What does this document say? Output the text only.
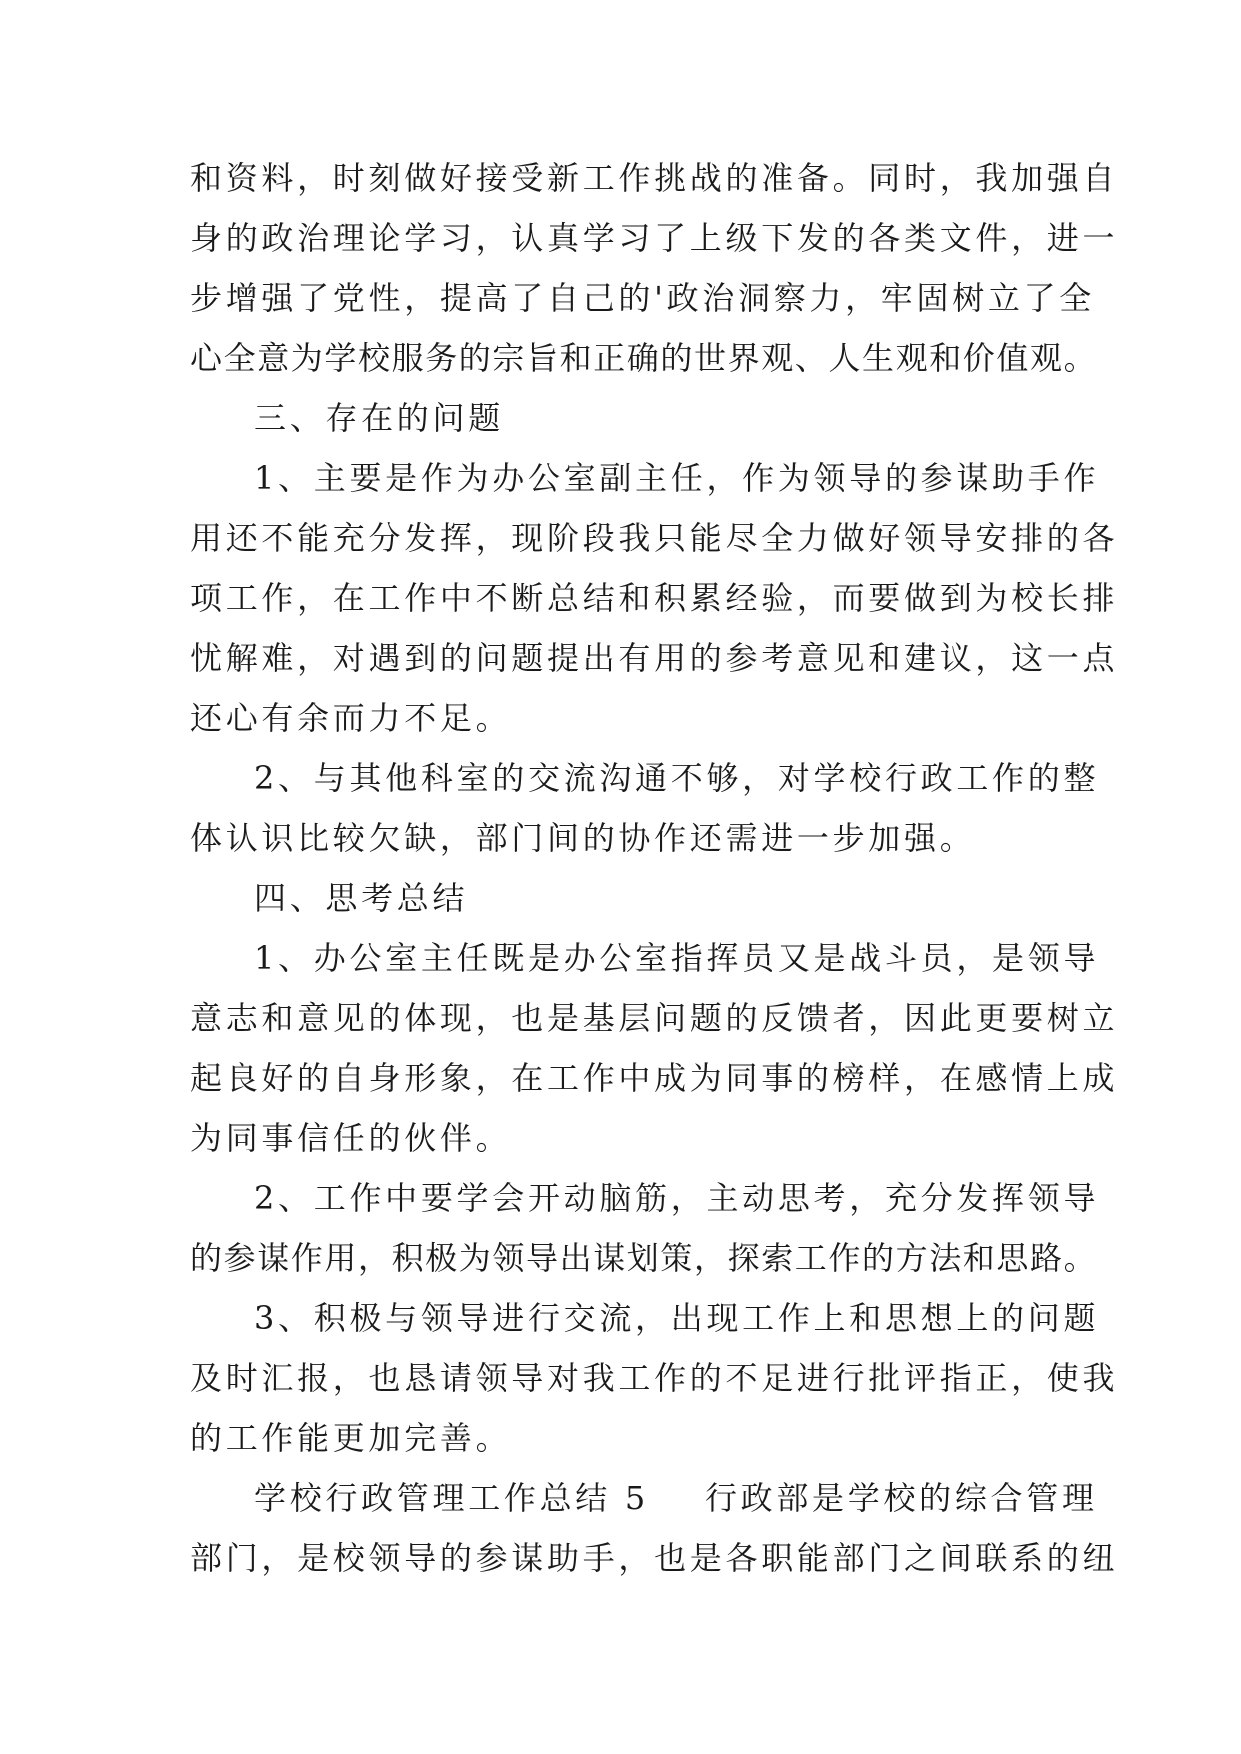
和资料，时刻做好接受新工作挑战的准备。同时，我加强自
身的政治理论学习，认真学习了上级下发的各类文件，进一
步增强了党性，提高了自己的'政治洞察力，牢固树立了全
心全意为学校服务的宗旨和正确的世界观、人生观和价值观。
三、存在的问题
1、主要是作为办公室副主任，作为领导的参谋助手作
用还不能充分发挥，现阶段我只能尽全力做好领导安排的各
项工作，在工作中不断总结和积累经验，而要做到为校长排
忧解难，对遇到的问题提出有用的参考意见和建议，这一点
还心有余而力不足。
2、与其他科室的交流沟通不够，对学校行政工作的整
体认识比较欠缺，部门间的协作还需进一步加强。
四、思考总结
1、办公室主任既是办公室指挥员又是战斗员，是领导
意志和意见的体现，也是基层问题的反馈者，因此更要树立
起良好的自身形象，在工作中成为同事的榜样，在感情上成
为同事信任的伙伴。
2、工作中要学会开动脑筋，主动思考，充分发挥领导
的参谋作用，积极为领导出谋划策，探索工作的方法和思路。
3、积极与领导进行交流，出现工作上和思想上的问题
及时汇报，也恳请领导对我工作的不足进行批评指正，使我
的工作能更加完善。
学校行政管理工作总结 5 行政部是学校的综合管理
部门，是校领导的参谋助手，也是各职能部门之间联系的纽
